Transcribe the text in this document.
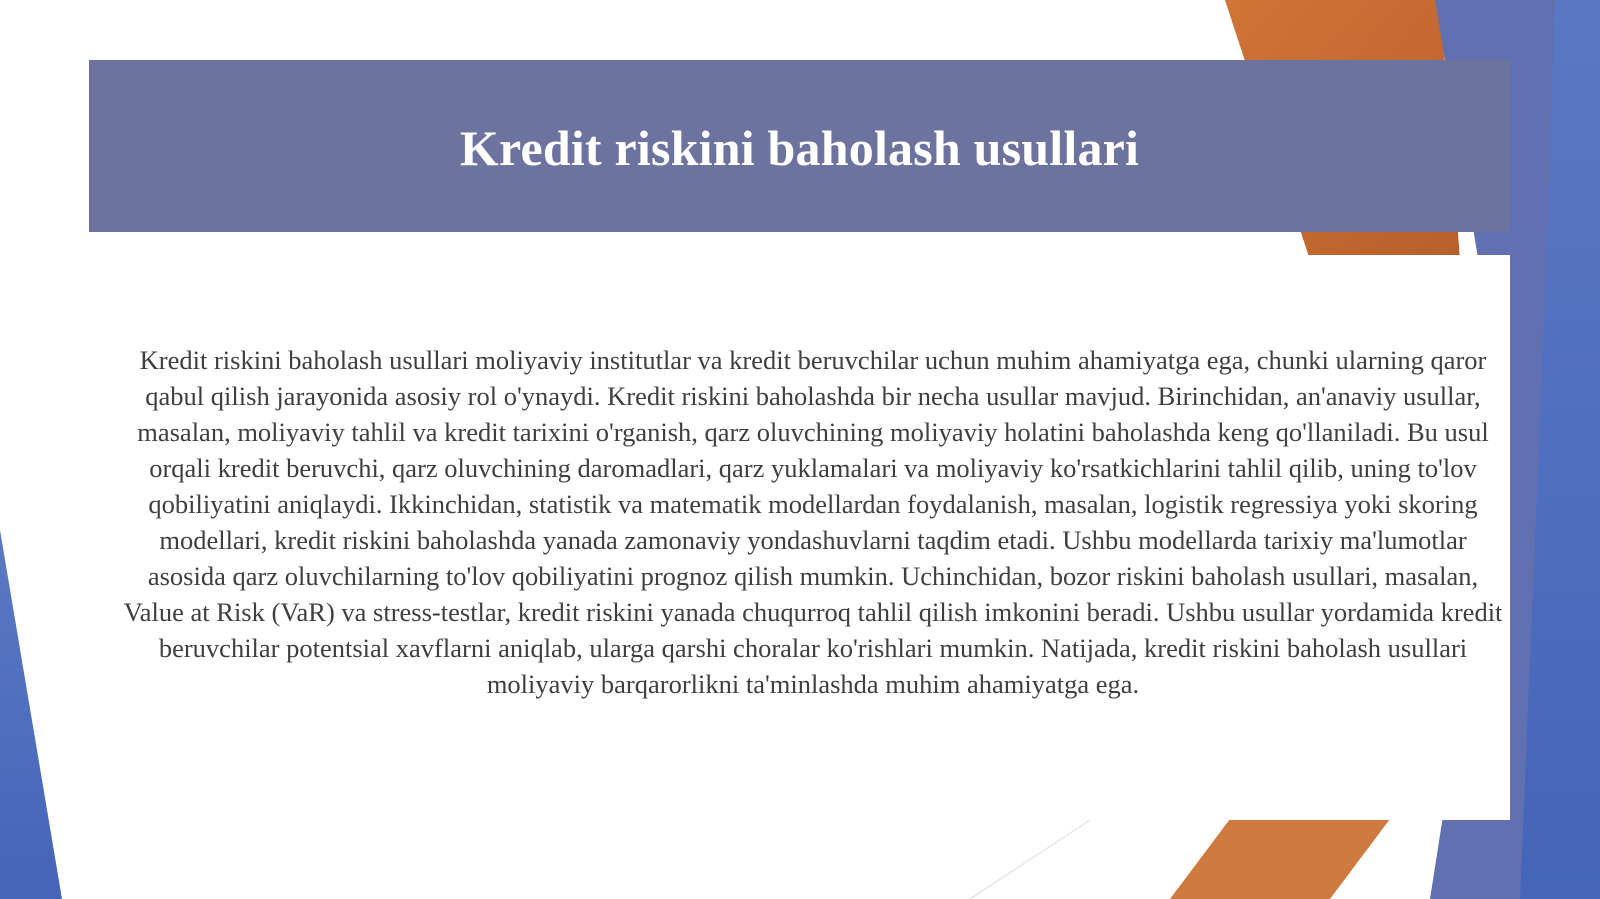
Kredit riskini baholash usullari

Kredit riskini baholash usullari moliyaviy institutlar va kredit beruvchilar uchun muhim ahamiyatga ega, chunki ularning qaror qabul qilish jarayonida asosiy rol o'ynaydi. Kredit riskini baholashda bir necha usullar mavjud. Birinchidan, an'anaviy usullar, masalan, moliyaviy tahlil va kredit tarixini o'rganish, qarz oluvchining moliyaviy holatini baholashda keng qo'llaniladi. Bu usul orqali kredit beruvchi, qarz oluvchining daromadlari, qarz yuklamalari va moliyaviy ko'rsatkichlarini tahlil qilib, uning to'lov qobiliyatini aniqlaydi. Ikkinchidan, statistik va matematik modellardan foydalanish, masalan, logistik regressiya yoki skoring modellari, kredit riskini baholashda yanada zamonaviy yondashuvlarni taqdim etadi. Ushbu modellarda tarixiy ma'lumotlar asosida qarz oluvchilarning to'lov qobiliyatini prognoz qilish mumkin. Uchinchidan, bozor riskini baholash usullari, masalan, Value at Risk (VaR) va stress-testlar, kredit riskini yanada chuqurroq tahlil qilish imkonini beradi. Ushbu usullar yordamida kredit beruvchilar potentsial xavflarni aniqlab, ularga qarshi choralar ko'rishlari mumkin. Natijada, kredit riskini baholash usullari moliyaviy barqarorlikni ta'minlashda muhim ahamiyatga ega.
